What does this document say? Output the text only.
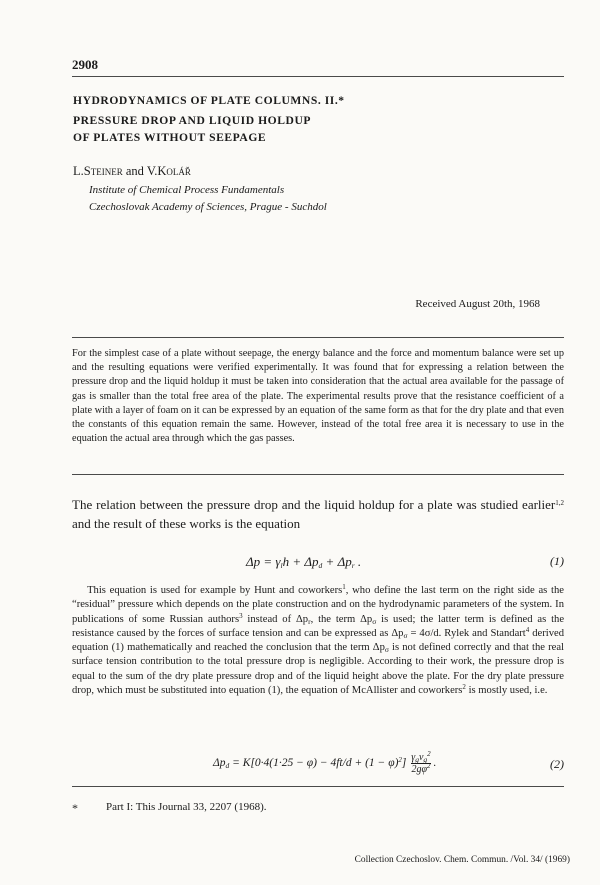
2908
HYDRODYNAMICS OF PLATE COLUMNS. II.*
PRESSURE DROP AND LIQUID HOLDUP
OF PLATES WITHOUT SEEPAGE
L.Steiner and V.Kolář
Institute of Chemical Process Fundamentals
Czechoslovak Academy of Sciences, Prague - Suchdol
Received August 20th, 1968
For the simplest case of a plate without seepage, the energy balance and the force and momentum balance were set up and the resulting equations were verified experimentally. It was found that for expressing a relation between the pressure drop and the liquid holdup it must be taken into consideration that the actual area available for the passage of gas is smaller than the total free area of the plate. The experimental results prove that the resistance coefficient of a plate with a layer of foam on it can be expressed by an equation of the same form as that for the dry plate and that even the constants of this equation remain the same. However, instead of the total free area it is necessary to use in the equation the actual area through which the gas passes.
The relation between the pressure drop and the liquid holdup for a plate was studied earlier$^{1,2}$ and the result of these works is the equation
$\Delta p = \gamma_lh + \Delta p_d + \Delta p_r$ .	(1)
This equation is used for example by Hunt and coworkers$^1$, who define the last term on the right side as the “residual” pressure which depends on the plate construction and on the hydrodynamic parameters of the system. In publications of some Russian authors$^3$ instead of $\Delta p_r$, the term $\Delta p_\sigma$ is used; the latter term is defined as the resistance caused by the forces of surface tension and can be expressed as $\Delta p_\sigma = 4\sigma/d$. Rylek and Standart$^4$ derived equation (1) mathematically and reached the conclusion that the term $\Delta p_\sigma$ is not defined correctly and that the real surface tension contribution to the total pressure drop is negligible. According to their work, the pressure drop is equal to the sum of the dry plate pressure drop and of the liquid height above the plate. For the dry plate pressure drop, which must be substituted into equation (1), the equation of McAllister and coworkers$^2$ is mostly used, i.e.
$\Delta p_d = K[0\cdot 4(1\cdot 25 - \varphi) - 4ft/d + (1 - \varphi)^2]$ $\gamma_gv_g^2$
$2g\varphi^2$ .	(2)
*	Part I: This Journal 33, 2207 (1968).
Collection Czechoslov. Chem. Commun. /Vol. 34/ (1969)
